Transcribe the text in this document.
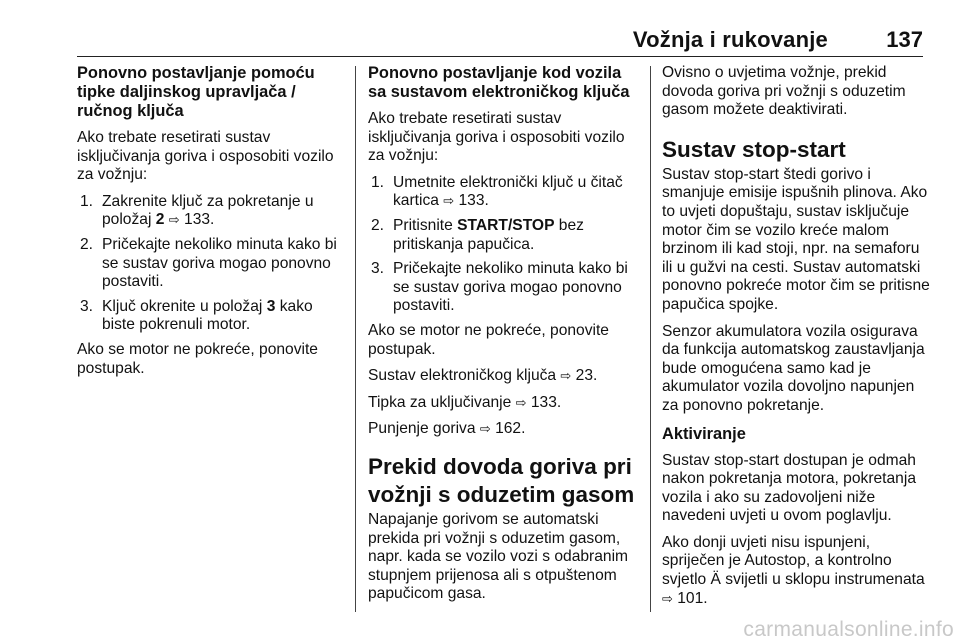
Vožnja i rukovanje	137
Ponovno postavljanje pomoću tipke daljinskog upravljača / ručnog ključa

Ako trebate resetirati sustav isključivanja goriva i osposobiti vozilo za vožnju:

1. Zakrenite ključ za pokretanje u položaj 2 ⇨ 133.
2. Pričekajte nekoliko minuta kako bi se sustav goriva mogao ponovno postaviti.
3. Ključ okrenite u položaj 3 kako biste pokrenuli motor.

Ako se motor ne pokreće, ponovite postupak.

Ponovno postavljanje kod vozila sa sustavom elektroničkog ključa

Ako trebate resetirati sustav isključivanja goriva i osposobiti vozilo za vožnju:

1. Umetnite elektronički ključ u čitač kartica ⇨ 133.
2. Pritisnite START/STOP bez pritiskanja papučica.
3. Pričekajte nekoliko minuta kako bi se sustav goriva mogao ponovno postaviti.

Ako se motor ne pokreće, ponovite postupak.

Sustav elektroničkog ključa ⇨ 23.

Tipka za uključivanje ⇨ 133.

Punjenje goriva ⇨ 162.

Prekid dovoda goriva pri vožnji s oduzetim gasom

Napajanje gorivom se automatski prekida pri vožnji s oduzetim gasom, napr. kada se vozilo vozi s odabranim stupnjem prijenosa ali s otpuštenom papučicom gasa.

Ovisno o uvjetima vožnje, prekid dovoda goriva pri vožnji s oduzetim gasom možete deaktivirati.

Sustav stop-start

Sustav stop-start štedi gorivo i smanjuje emisije ispušnih plinova. Ako to uvjeti dopuštaju, sustav isključuje motor čim se vozilo kreće malom brzinom ili kad stoji, npr. na semaforu ili u gužvi na cesti. Sustav automatski ponovno pokreće motor čim se pritisne papučica spojke.

Senzor akumulatora vozila osigurava da funkcija automatskog zaustavljanja bude omogućena samo kad je akumulator vozila dovoljno napunjen za ponovno pokretanje.

Aktiviranje

Sustav stop-start dostupan je odmah nakon pokretanja motora, pokretanja vozila i ako su zadovoljeni niže navedeni uvjeti u ovom poglavlju.

Ako donji uvjeti nisu ispunjeni, spriječen je Autostop, a kontrolno svjetlo Ä svijetli u sklopu instrumenata ⇨ 101.

carmanualsonline.info
